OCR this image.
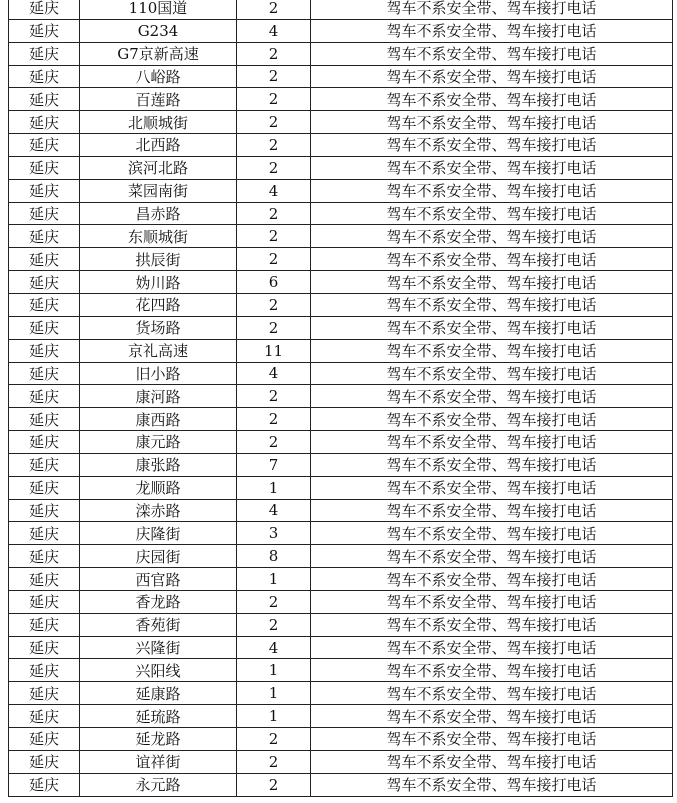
延庆	110国道	2	驾车不系安全带、驾车接打电话
延庆	G234	4	驾车不系安全带、驾车接打电话
延庆	G7京新高速	2	驾车不系安全带、驾车接打电话
延庆	八峪路	2	驾车不系安全带、驾车接打电话
延庆	百莲路	2	驾车不系安全带、驾车接打电话
延庆	北顺城街	2	驾车不系安全带、驾车接打电话
延庆	北西路	2	驾车不系安全带、驾车接打电话
延庆	滨河北路	2	驾车不系安全带、驾车接打电话
延庆	菜园南街	4	驾车不系安全带、驾车接打电话
延庆	昌赤路	2	驾车不系安全带、驾车接打电话
延庆	东顺城街	2	驾车不系安全带、驾车接打电话
延庆	拱辰街	2	驾车不系安全带、驾车接打电话
延庆	妫川路	6	驾车不系安全带、驾车接打电话
延庆	花四路	2	驾车不系安全带、驾车接打电话
延庆	货场路	2	驾车不系安全带、驾车接打电话
延庆	京礼高速	11	驾车不系安全带、驾车接打电话
延庆	旧小路	4	驾车不系安全带、驾车接打电话
延庆	康河路	2	驾车不系安全带、驾车接打电话
延庆	康西路	2	驾车不系安全带、驾车接打电话
延庆	康元路	2	驾车不系安全带、驾车接打电话
延庆	康张路	7	驾车不系安全带、驾车接打电话
延庆	龙顺路	1	驾车不系安全带、驾车接打电话
延庆	滦赤路	4	驾车不系安全带、驾车接打电话
延庆	庆隆街	3	驾车不系安全带、驾车接打电话
延庆	庆园街	8	驾车不系安全带、驾车接打电话
延庆	西官路	1	驾车不系安全带、驾车接打电话
延庆	香龙路	2	驾车不系安全带、驾车接打电话
延庆	香苑街	2	驾车不系安全带、驾车接打电话
延庆	兴隆街	4	驾车不系安全带、驾车接打电话
延庆	兴阳线	1	驾车不系安全带、驾车接打电话
延庆	延康路	1	驾车不系安全带、驾车接打电话
延庆	延琉路	1	驾车不系安全带、驾车接打电话
延庆	延龙路	2	驾车不系安全带、驾车接打电话
延庆	谊祥街	2	驾车不系安全带、驾车接打电话
延庆	永元路	2	驾车不系安全带、驾车接打电话
